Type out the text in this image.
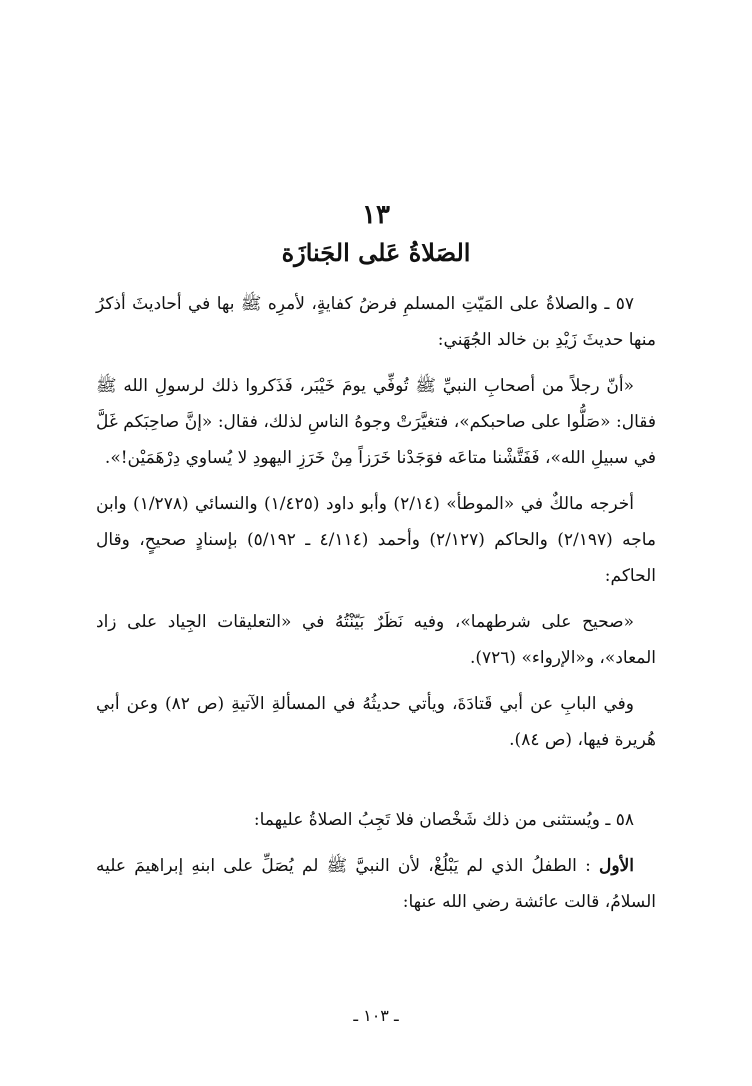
١٣
الصَلاةُ عَلى الجَنازَة

٥٧ ـ والصلاةُ على المَيّتِ المسلمِ فرضُ كفايةٍ، لأمرِه ﷺ بها في أحاديثَ أذكرُ منها حديثَ زَيْدِ بن خالد الجُهَني:

«أنّ رجلاً من أصحابِ النبيِّ ﷺ تُوفِّي يومَ خَيْبَر، فَذَكروا ذلك لرسولِ الله ﷺ فقال: «صَلُّوا على صاحبكم»، فتغيَّرَتْ وجوهُ الناسِ لذلك، فقال: «إنَّ صاحِبَكم غَلَّ في سبيلِ الله»، فَفَتَّشْنا متاعَه فوَجَدْنا خَرَزاً مِنْ خَرَزِ اليهودِ لا يُساوي دِرْهَمَيْن!».

أخرجه مالكٌ في «الموطأ» (٢/١٤) وأبو داود (١/٤٢٥) والنسائي (١/٢٧٨) وابن ماجه (٢/١٩٧) والحاكم (٢/١٢٧) وأحمد (٤/١١٤ ـ ٥/١٩٢) بإسنادٍ صحيحٍ، وقال الحاكم:

«صحيح على شرطهما»، وفيه نَظَرٌ بَيّنْتُهُ في «التعليقات الجِياد على زاد المعاد»، و«الإرواء» (٧٢٦).

وفي البابِ عن أبي قَتادَةَ، ويأتي حديثُهُ في المسألةِ الآتيةِ (ص ٨٢) وعن أبي هُريرة فيها، (ص ٨٤).

٥٨ ـ ويُستثنى من ذلك شَخْصان فلا تَجِبُ الصلاةُ عليهما:

الأول : الطفلُ الذي لم يَبْلُغْ، لأن النبيَّ ﷺ لم يُصَلِّ على ابنهِ إبراهيمَ عليه السلامُ، قالت عائشة رضي الله عنها:

ـ ١٠٣ ـ
